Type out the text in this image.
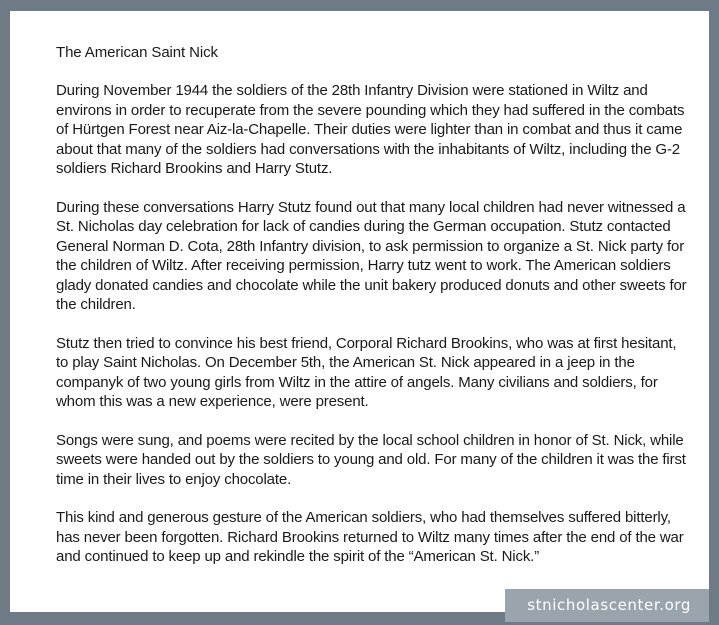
The American Saint Nick

During November 1944 the soldiers of the 28th Infantry Division were stationed in Wiltz and environs in order to recuperate from the severe pounding which they had suffered in the combats of Hürtgen Forest near Aiz-la-Chapelle. Their duties were lighter than in combat and thus it came about that many of the soldiers had conversations with the inhabitants of Wiltz, including the G-2 soldiers Richard Brookins and Harry Stutz.

During these conversations Harry Stutz found out that many local children had never witnessed a St. Nicholas day celebration for lack of candies during the German occupation. Stutz contacted General Norman D. Cota, 28th Infantry division, to ask permission to organize a St. Nick party for the children of Wiltz. After receiving permission, Harry tutz went to work. The American soldiers glady donated candies and chocolate while the unit bakery produced donuts and other sweets for the children.

Stutz then tried to convince his best friend, Corporal Richard Brookins, who was at first hesitant, to play Saint Nicholas. On December 5th, the American St. Nick appeared in a jeep in the companyk of two young girls from Wiltz in the attire of angels. Many civilians and soldiers, for whom this was a new experience, were present.

Songs were sung, and poems were recited by the local school children in honor of St. Nick, while sweets were handed out by the soldiers to young and old. For many of the children it was the first time in their lives to enjoy chocolate.

This kind and generous gesture of the American soldiers, who had themselves suffered bitterly, has never been forgotten. Richard Brookins returned to Wiltz many times after the end of the war and continued to keep up and rekindle the spirit of the “American St. Nick.”

stnicholascenter.org
